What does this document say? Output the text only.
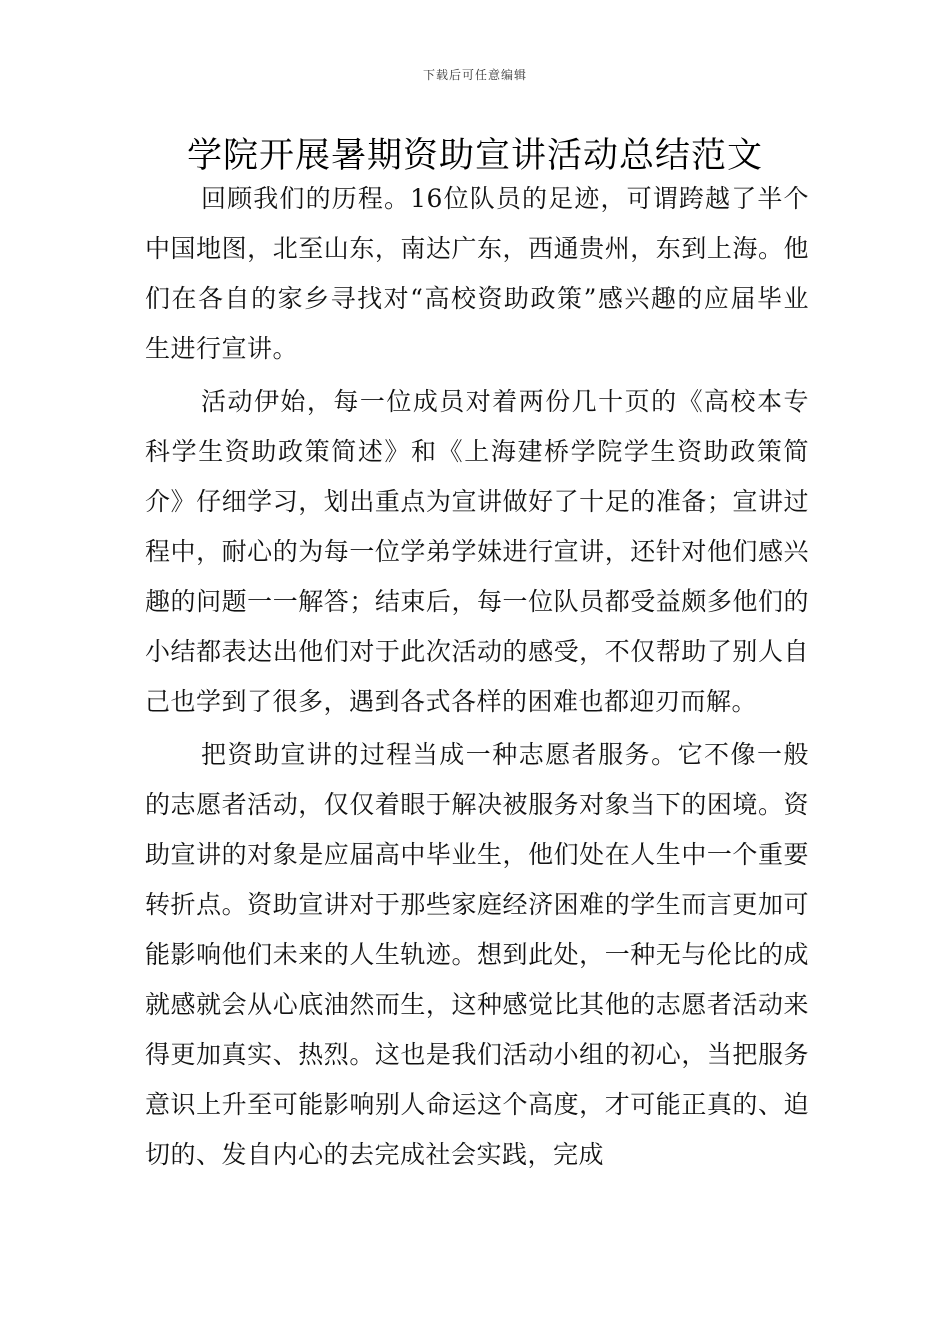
下载后可任意编辑
学院开展暑期资助宣讲活动总结范文

回顾我们的历程。16位队员的足迹，可谓跨越了半个中国地图，北至山东，南达广东，西通贵州，东到上海。他们在各自的家乡寻找对“高校资助政策”感兴趣的应届毕业生进行宣讲。

活动伊始，每一位成员对着两份几十页的《高校本专科学生资助政策简述》和《上海建桥学院学生资助政策简介》仔细学习，划出重点为宣讲做好了十足的准备；宣讲过程中，耐心的为每一位学弟学妹进行宣讲，还针对他们感兴趣的问题一一解答；结束后，每一位队员都受益颇多他们的小结都表达出他们对于此次活动的感受，不仅帮助了别人自己也学到了很多，遇到各式各样的困难也都迎刃而解。

把资助宣讲的过程当成一种志愿者服务。它不像一般的志愿者活动，仅仅着眼于解决被服务对象当下的困境。资助宣讲的对象是应届高中毕业生，他们处在人生中一个重要转折点。资助宣讲对于那些家庭经济困难的学生而言更加可能影响他们未来的人生轨迹。想到此处，一种无与伦比的成就感就会从心底油然而生，这种感觉比其他的志愿者活动来得更加真实、热烈。这也是我们活动小组的初心，当把服务意识上升至可能影响别人命运这个高度，才可能正真的、迫切的、发自内心的去完成社会实践，完成
